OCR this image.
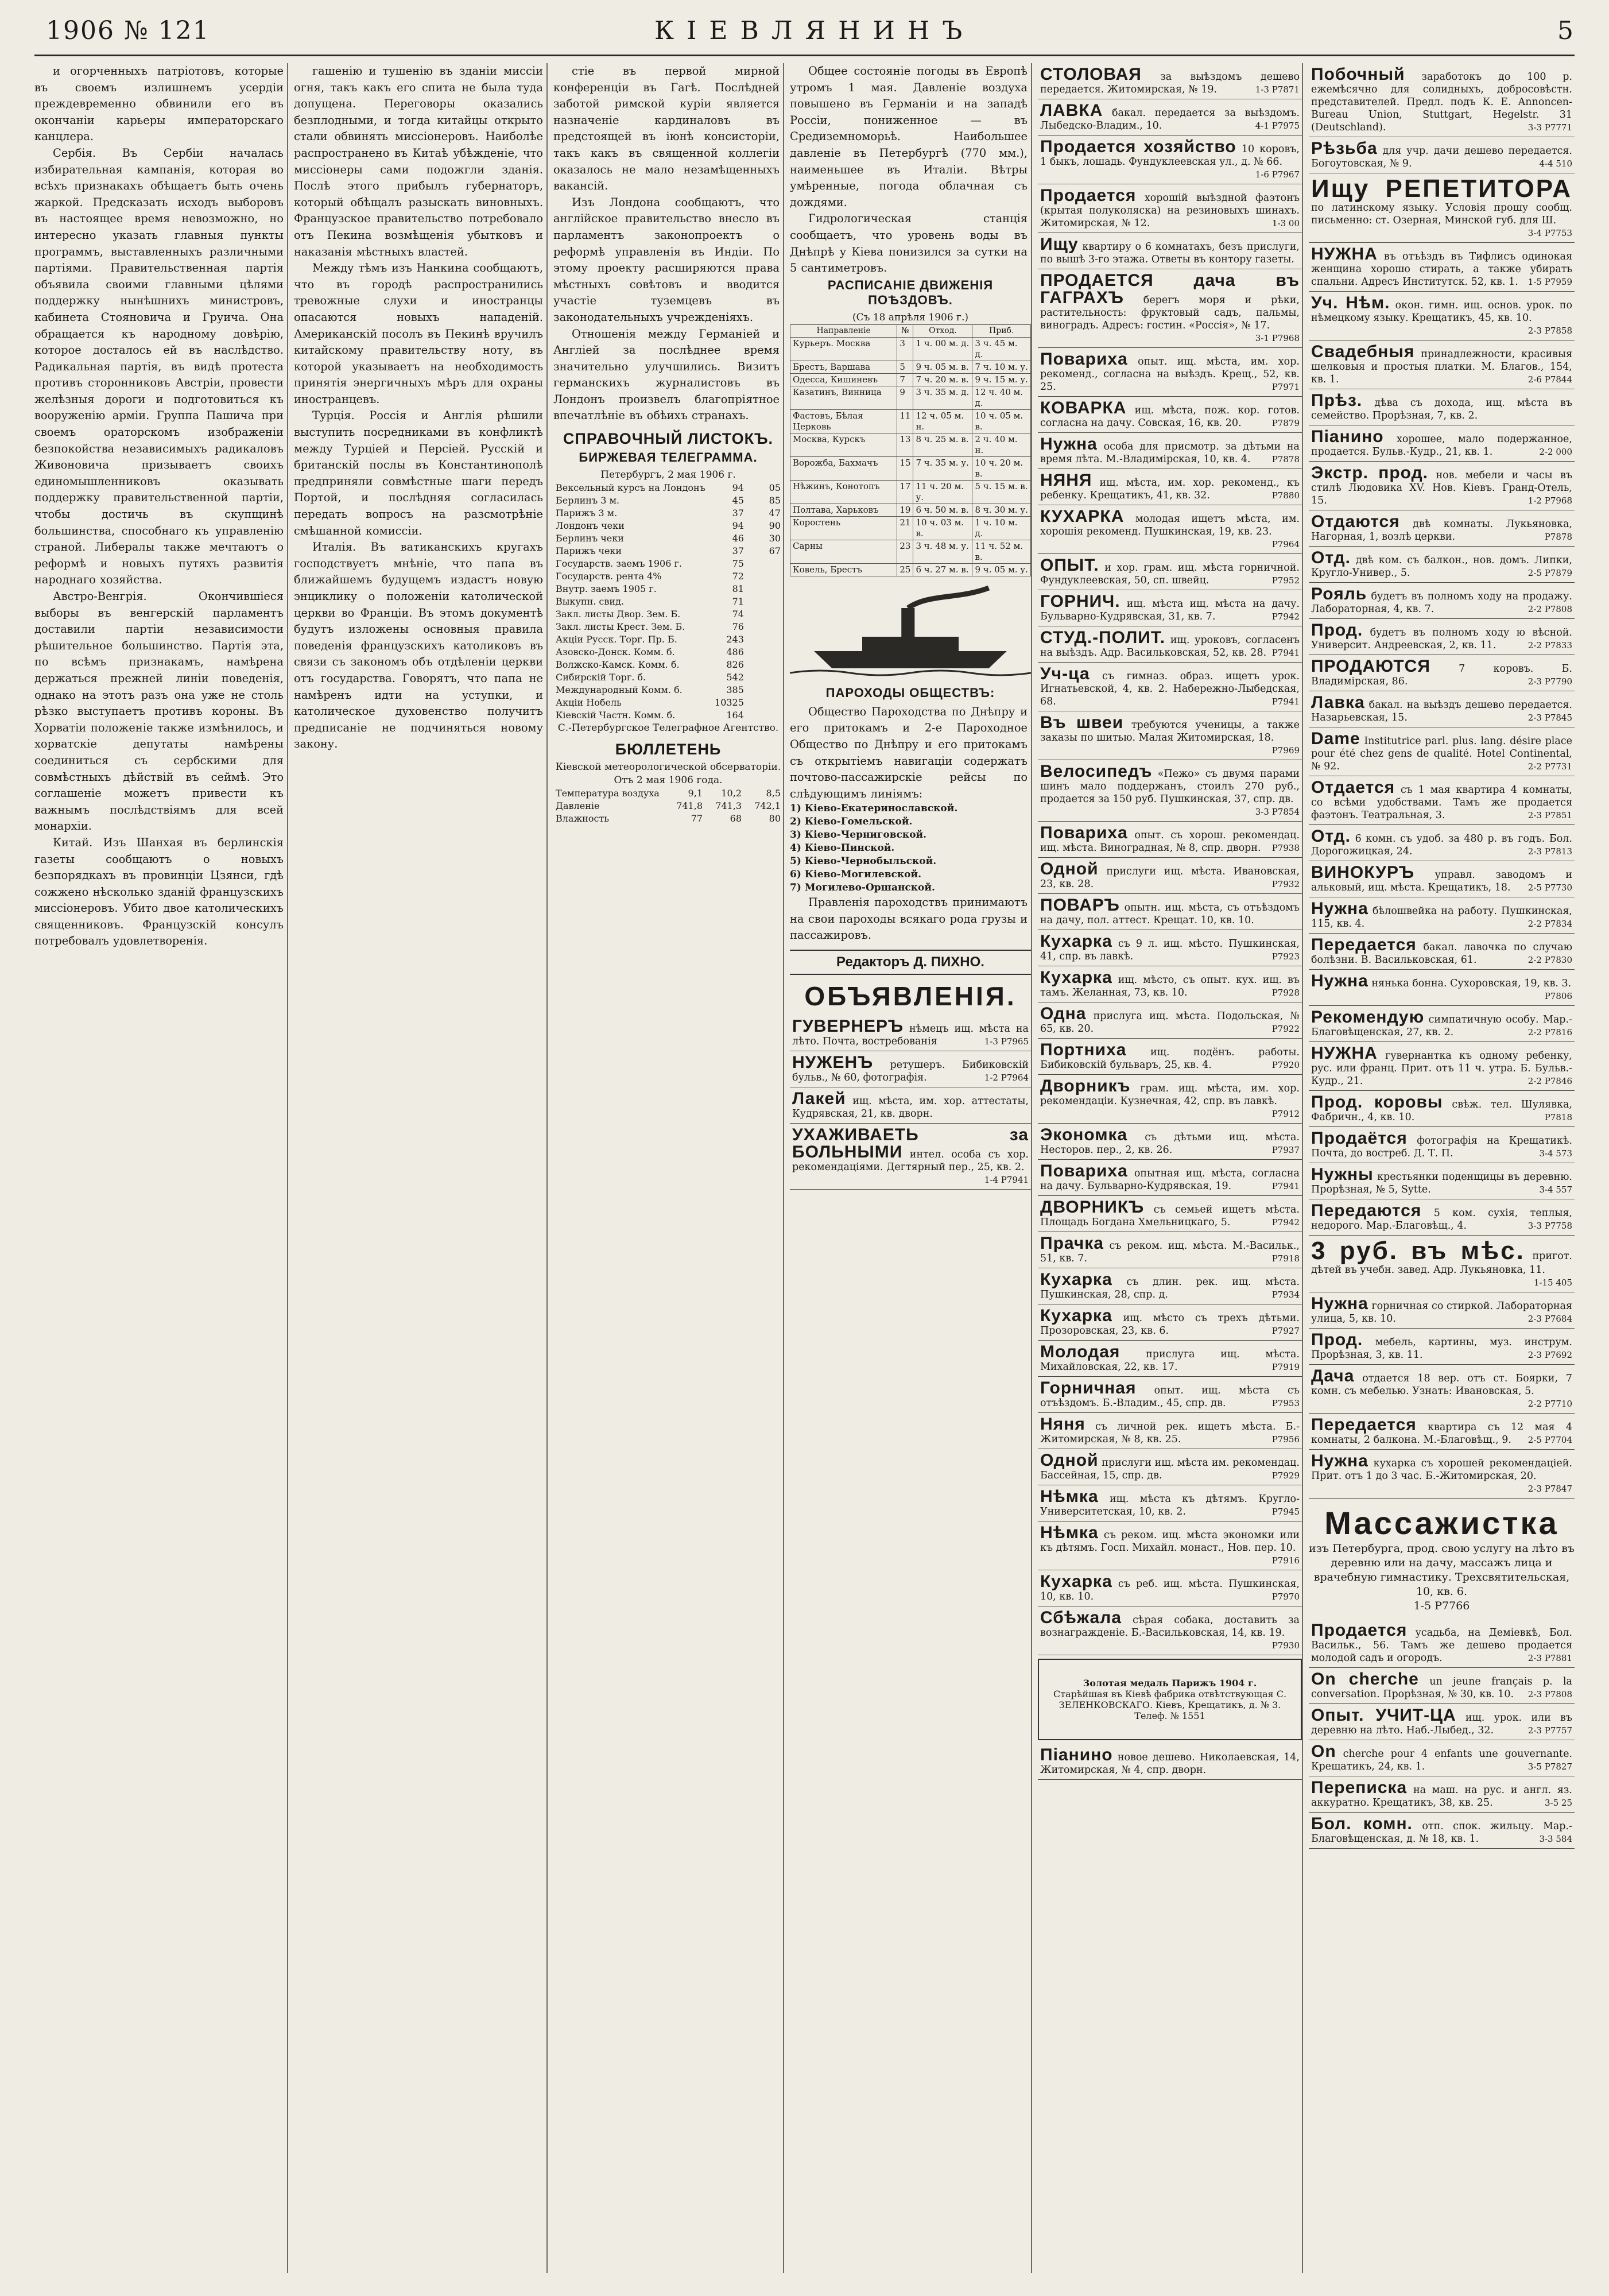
1906 № 121	КІЕВЛЯНИНЪ	5
и огорченныхъ патріотовъ, которые въ своемъ излишнемъ усердіи преждевременно обвинили его въ окончаніи карьеры императорскаго канцлера.
Сербія. Въ Сербіи началась избирательная кампанія, которая во всѣхъ признакахъ обѣщаетъ быть очень жаркой. Предсказать исходъ выборовъ въ настоящее время невозможно, но интересно указать главныя пункты программъ, выставленныхъ различными партіями. Правительственная партія объявила своими главными цѣлями поддержку нынѣшнихъ министровъ, кабинета Стояновича и Груича. Она обращается къ народному довѣрію, которое досталось ей въ наслѣдство. Радикальная партія, въ видѣ протеста противъ сторонниковъ Австріи, провести желѣзныя дороги и подготовиться къ вооруженію арміи. Группа Пашича при своемъ ораторскомъ изображеніи безпокойства независимыхъ радикаловъ Живоновича призываетъ своихъ единомышленниковъ оказывать поддержку правительственной партіи, чтобы достичь въ скупщинѣ большинства, способнаго къ управленію страной. Либералы также мечтаютъ о реформѣ и новыхъ путяхъ развитія народнаго хозяйства.
Австро-Венгрія. Окончившіеся выборы въ венгерскій парламентъ доставили партіи независимости рѣшительное большинство. Партія эта, по всѣмъ признакамъ, намѣрена держаться прежней линіи поведенія, однако на этотъ разъ она уже не столь рѣзко выступаетъ противъ короны. Въ Хорватіи положеніе также измѣнилось, и хорватскіе депутаты намѣрены соединиться съ сербскими для совмѣстныхъ дѣйствій въ сеймѣ. Это соглашеніе можетъ привести къ важнымъ послѣдствіямъ для всей монархіи.
Китай. Изъ Шанхая въ берлинскія газеты сообщаютъ о новыхъ безпорядкахъ въ провинціи Цзянси, гдѣ сожжено нѣсколько зданій французскихъ миссіонеровъ. Убито двое католическихъ священниковъ. Французскій консулъ потребовалъ удовлетворенія.
гашенію и тушенію въ зданіи миссіи огня, такъ какъ его спита не была туда допущена. Переговоры оказались безплодными, и тогда китайцы открыто стали обвинять миссіонеровъ. Наиболѣе распространено въ Китаѣ убѣжденіе, что миссіонеры сами подожгли зданія. Послѣ этого прибылъ губернаторъ, который обѣщалъ разыскать виновныхъ. Французское правительство потребовало отъ Пекина возмѣщенія убытковъ и наказанія мѣстныхъ властей.
Между тѣмъ изъ Нанкина сообщаютъ, что въ городѣ распространились тревожные слухи и иностранцы опасаются новыхъ нападеній. Американскій посолъ въ Пекинѣ вручилъ китайскому правительству ноту, въ которой указываетъ на необходимость принятія энергичныхъ мѣръ для охраны иностранцевъ.
Турція. Россія и Англія рѣшили выступить посредниками въ конфликтѣ между Турціей и Персіей. Русскій и британскій послы въ Константинополѣ предприняли совмѣстные шаги передъ Портой, и послѣдняя согласилась передать вопросъ на разсмотрѣніе смѣшанной комиссіи.
Италія. Въ ватиканскихъ кругахъ господствуетъ мнѣніе, что папа въ ближайшемъ будущемъ издастъ новую энциклику о положеніи католической церкви во Франціи. Въ этомъ документѣ будутъ изложены основныя правила поведенія французскихъ католиковъ въ связи съ закономъ объ отдѣленіи церкви отъ государства. Говорятъ, что папа не намѣренъ идти на уступки, и католическое духовенство получитъ предписаніе не подчиняться новому закону.
стіе въ первой мирной конференціи въ Гагѣ. Послѣдней заботой римской куріи является назначеніе кардиналовъ въ предстоящей въ іюнѣ консисторіи, такъ какъ въ священной коллегіи оказалось не мало незамѣщенныхъ вакансій.
Изъ Лондона сообщаютъ, что англійское правительство внесло въ парламентъ законопроектъ о реформѣ управленія въ Индіи. По этому проекту расширяются права мѣстныхъ совѣтовъ и вводится участіе туземцевъ въ законодательныхъ учрежденіяхъ.
Отношенія между Германіей и Англіей за послѣднее время значительно улучшились. Визитъ германскихъ журналистовъ въ Лондонъ произвелъ благопріятное впечатлѣніе въ обѣихъ странахъ.
СПРАВОЧНЫЙ ЛИСТОКЪ.
БИРЖЕВАЯ ТЕЛЕГРАММА.
Петербургъ, 2 мая 1906 г.
Вексельный курсъ на Лондонъ	94	05
Берлинъ 3 м.	45	85
Парижъ 3 м.	37	47
Лондонъ чеки	94	90
Берлинъ чеки	46	30
Парижъ чеки	37	67
Государств. заемъ 1906 г.	75	
Государств. рента 4%	72	
Внутр. заемъ 1905 г.	81	
Выкупн. свид.	71	
Закл. листы Двор. Зем. Б.	74	
Закл. листы Крест. Зем. Б.	76	
Акціи Русск. Торг. Пр. Б.	243	
Азовско-Донск. Комм. б.	486	
Волжско-Камск. Комм. б.	826	
Сибирскій Торг. б.	542	
Международный Комм. б.	385	
Акціи Нобель	10325	
Кіевскій Частн. Комм. б.	164	
С.-Петербургское Телеграфное Агентство.
БЮЛЛЕТЕНЬ
Кіевской метеорологической обсерваторіи.
Отъ 2 мая 1906 года.
Температура воздуха	9,1	10,2	8,5
Давленіе	741,8	741,3	742,1
Влажность	77	68	80
Общее состояніе погоды въ Европѣ утромъ 1 мая. Давленіе воздуха повышено въ Германіи и на западѣ Россіи, пониженное — въ Средиземноморьѣ. Наибольшее давленіе въ Петербургѣ (770 мм.), наименьшее въ Италіи. Вѣтры умѣренные, погода облачная съ дождями.
Гидрологическая станція сообщаетъ, что уровень воды въ Днѣпрѣ у Кіева понизился за сутки на 5 сантиметровъ.
РАСПИСАНІЕ ДВИЖЕНІЯ ПОѢЗДОВЪ.
(Съ 18 апрѣля 1906 г.)
Направленіе	№	Отход.	Приб.
Курьеръ. Москва	3	1 ч. 00 м. д.	3 ч. 45 м. д.
Брестъ, Варшава	5	9 ч. 05 м. в.	7 ч. 10 м. у.
Одесса, Кишиневъ	7	7 ч. 20 м. в.	9 ч. 15 м. у.
Казатинъ, Винница	9	3 ч. 35 м. д.	12 ч. 40 м. д.
Фастовъ, Бѣлая Церковь	11	12 ч. 05 м. н.	10 ч. 05 м. в.
Москва, Курскъ	13	8 ч. 25 м. в.	2 ч. 40 м. н.
Ворожба, Бахмачъ	15	7 ч. 35 м. у.	10 ч. 20 м. в.
Нѣжинъ, Конотопъ	17	11 ч. 20 м. у.	5 ч. 15 м. в.
Полтава, Харьковъ	19	6 ч. 50 м. в.	8 ч. 30 м. у.
Коростень	21	10 ч. 03 м. в.	1 ч. 10 м. д.
Сарны	23	3 ч. 48 м. у.	11 ч. 52 м. в.
Ковель, Брестъ	25	6 ч. 27 м. в.	9 ч. 05 м. у.
ПАРОХОДЫ ОБЩЕСТВЪ:
Общество Пароходства по Днѣпру и его притокамъ и 2-е Пароходное Общество по Днѣпру и его притокамъ съ открытіемъ навигаціи содержатъ почтово-пассажирскіе рейсы по слѣдующимъ линіямъ:
1) Кіево-Екатеринославской.
2) Кіево-Гомельской.
3) Кіево-Черниговской.
4) Кіево-Пинской.
5) Кіево-Чернобыльской.
6) Кіево-Могилевской.
7) Могилево-Оршанской.
Правленія пароходствъ принимаютъ на свои пароходы всякаго рода грузы и пассажировъ.
Редакторъ Д. ПИХНО.
ОБЪЯВЛЕНІЯ.
ГУВЕРНЕРЪ нѣмецъ ищ. мѣста на лѣто. Почта, востребованія	1-3 Р7965
НУЖЕНЪ ретушеръ. Бибиковскій бульв., № 60, фотографія.	1-2 Р7964
Лакей ищ. мѣста, им. хор. аттестаты, Кудрявская, 21, кв. дворн.
УХАЖИВАЕТЬ за БОЛЬНЫМИ интел. особа съ хор. рекомендаціями. Дегтярный пер., 25, кв. 2.
1-4 Р7941
СТОЛОВАЯ за выѣздомъ дешево передается. Житомирская, № 19.	1-3 Р7871
ЛАВКА бакал. передается за выѣздомъ. Лыбедско-Владим., 10.	4-1 Р7975
Продается хозяйство 10 коровъ, 1 быкъ, лошадь. Фундуклеевская ул., д. № 66.
1-6 Р7967
Продается хорошій выѣздной фаэтонъ (крытая полуколяска) на резиновыхъ шинахъ. Житомирская, № 12.	1-3 00
Ищу квартиру о 6 комнатахъ, безъ прислуги, по вышѣ 3-го этажа. Ответы въ контору газеты.
ПРОДАЕТСЯ дача въ ГАГРАХЪ берегъ моря и рѣки, растительность: фруктовый садъ, пальмы, виноградъ. Адресъ: гостин. «Россія», № 17.
3-1 Р7968
Повариха опыт. ищ. мѣста, им. хор. рекоменд., согласна на выѣздъ. Крещ., 52, кв. 25.	Р7971
КОВАРКА ищ. мѣста, пож. кор. готов. согласна на дачу. Совская, 16, кв. 20.	Р7879
Нужна особа для присмотр. за дѣтьми на время лѣта. М.-Владимірская, 10, кв. 4. Р7878
НЯНЯ ищ. мѣста, им. хор. рекоменд., къ ребенку. Крещатикъ, 41, кв. 32.	Р7880
КУХАРКА молодая ищетъ мѣста, им. хорошія рекоменд. Пушкинская, 19, кв. 23.
Р7964
ОПЫТ. и хор. грам. ищ. мѣста горничной. Фундуклеевская, 50, сп. швейц.	Р7952
ГОРНИЧ. ищ. мѣста ищ. мѣста на дачу. Бульварно-Кудрявская, 31, кв. 7.	Р7942
СТУД.-ПОЛИТ. ищ. уроковъ, согласенъ на выѣздъ. Адр. Васильковская, 52, кв. 28. Р7941
Уч-ца съ гимназ. образ. ищетъ урок. Игнатьевской, 4, кв. 2. Набережно-Лыбедская, 68.	Р7941
Въ швеи требуются ученицы, а также заказы по шитью. Малая Житомирская, 18.
Р7969
Велосипедъ «Пежо» съ двумя парами шинъ мало поддержанъ, стоилъ 270 руб., продается за 150 руб. Пушкинская, 37, спр. дв.
3-3 Р7854
Повариха опыт. съ хорош. рекомендац. ищ. мѣста. Виноградная, № 8, спр. дворн. Р7938
Одной прислуги ищ. мѣста. Ивановская, 23, кв. 28.	Р7932
ПОВАРЪ опытн. ищ. мѣста, съ отъѣздомъ на дачу, пол. аттест. Крещат. 10, кв. 10.
Кухарка съ 9 л. ищ. мѣсто. Пушкинская, 41, спр. въ лавкѣ.	Р7923
Кухарка ищ. мѣсто, съ опыт. кух. ищ. въ тамъ. Желанная, 73, кв. 10.	Р7928
Одна прислуга ищ. мѣста. Подольская, № 65, кв. 20.	Р7922
Портниха ищ. подёнъ. работы. Бибиковскій бульваръ, 25, кв. 4.	Р7920
Дворникъ грам. ищ. мѣста, им. хор. рекомендаціи. Кузнечная, 42, спр. въ лавкѣ.
Р7912
Экономка съ дѣтьми ищ. мѣста. Несторов. пер., 2, кв. 26.	Р7937
Повариха опытная ищ. мѣста, согласна на дачу. Бульварно-Кудрявская, 19.	Р7941
ДВОРНИКЪ съ семьей ищетъ мѣста. Площадь Богдана Хмельницкаго, 5.	Р7942
Прачка съ реком. ищ. мѣста. М.-Васильк., 51, кв. 7.	Р7918
Кухарка съ длин. рек. ищ. мѣста. Пушкинская, 28, спр. д.	Р7934
Кухарка ищ. мѣсто съ трехъ дѣтьми. Прозоровская, 23, кв. 6.	Р7927
Молодая	прислуга ищ. мѣста. Михайловская, 22, кв. 17.	Р7919
Горничная опыт. ищ. мѣста съ отъѣздомъ. Б.-Владим., 45, спр. дв.	Р7953
Няня съ личной рек. ищетъ мѣста. Б.-Житомирская, № 8, кв. 25.	Р7956
Одной прислуги ищ. мѣста им. рекомендац. Бассейная, 15, спр. дв.	Р7929
Нѣмка ищ. мѣста къ дѣтямъ. Кругло-Университетская, 10, кв. 2.	Р7945
Нѣмка съ реком. ищ. мѣста экономки или къ дѣтямъ. Госп. Михайл. монаст., Нов. пер. 10.
Р7916
Кухарка съ реб. ищ. мѣста. Пушкинская, 10, кв. 10.	Р7970
Сбѣжала сѣрая собака, доставить за вознагражденіе. Б.-Васильковская, 14, кв. 19.
Р7930
Золотая медаль Парижъ 1904 г.
Старѣйшая въ Кіевѣ фабрика отвѣтствующая С. ЗЕЛЕНКОВСКАГО. Кіевъ, Крещатикъ, д. № 3.
Телеф. № 1551
Піанино новое дешево. Николаевская, 14, Житомирская, № 4, спр. дворн.
Побочный заработокъ до 100 р. ежемѣсячно для солидныхъ, добросовѣстн. представителей. Предл. подъ К. Е. Annoncen-Bureau Union, Stuttgart, Hegelstr. 31 (Deutschland).	3-3 Р7771
Рѣзьба для учр. дачи дешево передается. Богоутовская, № 9.	4-4 510
Ищу РЕПЕТИТОРА по латинскому языку. Условія прошу сообщ. письменно: ст. Озерная, Минской губ. для Ш.
3-4 Р7753
НУЖНА въ отъѣздъ въ Тифлисъ одинокая женщина хорошо стирать, а также убирать спальни. Адресъ Институтск. 52, кв. 1. 1-5 Р7959
Уч. Нѣм. окон. гимн. ищ. основ. урок. по нѣмецкому языку. Крещатикъ, 45, кв. 10.
2-3 Р7858
Свадебныя принадлежности, красивыя шелковыя и простыя платки. М. Благов., 154, кв. 1.	2-6 Р7844
Прѣз. дѣва съ дохода, ищ. мѣста въ семейство. Прорѣзная, 7, кв. 2.
Піанино хорошее, мало подержанное, продается. Бульв.-Кудр., 21, кв. 1.	2-2 000
Экстр. прод. нов. мебели и часы въ стилѣ Людовика XV. Нов. Кіевъ. Гранд-Отель, 15.	1-2 Р7968
Отдаются двѣ комнаты. Лукьяновка, Нагорная, 1, возлѣ церкви.	Р7878
Отд. двѣ ком. съ балкон., нов. домъ. Липки, Кругло-Универ., 5.	2-5 Р7879
Рояль будетъ въ полномъ ходу на продажу. Лабораторная, 4, кв. 7.	2-2 Р7808
Прод. будетъ въ полномъ ходу ю вѣсной. Университ. Андреевская, 2, кв. 11.	2-2 Р7833
ПРОДАЮТСЯ	7 коровъ. Б. Владимірская, 86.	2-3 Р7790
Лавка бакал. на выѣздъ дешево передается. Назарьевская, 15.	2-3 Р7845
Dame Institutrice parl. plus. lang. désire place pour été chez gens de qualité. Hotel Continental, № 92.	2-2 Р7731
Отдается съ 1 мая квартира 4 комнаты, со всѣми удобствами. Тамъ же продается фаэтонъ. Театральная, 3.	2-3 Р7851
Отд. 6 комн. съ удоб. за 480 р. въ годъ. Бол. Дорогожицкая, 24.	2-3 Р7813
ВИНОКУРЪ управл. заводомъ и альковый, ищ. мѣста. Крещатикъ, 18. 2-5 Р7730
Нужна бѣлошвейка на работу. Пушкинская, 115, кв. 4.	2-2 Р7834
Передается бакал. лавочка по случаю болѣзни. В. Васильковская, 61.	2-2 Р7830
Нужна нянька бонна. Сухоровская, 19, кв. 3.
Р7806
Рекомендую симпатичную особу. Мар.-Благовѣщенская, 27, кв. 2.	2-2 Р7816
НУЖНА гувернантка къ одному ребенку, рус. или франц. Прит. отъ 11 ч. утра. Б. Бульв.-Кудр., 21.	2-2 Р7846
Прод. коровы свѣж. тел. Шулявка, Фабричн., 4, кв. 10.	Р7818
Продаётся фотографія на Крещатикѣ. Почта, до востреб. Д. Т. П.	3-4 573
Нужны крестьянки поденщицы въ деревню. Прорѣзная, № 5, Sytte.	3-4 557
Передаются 5 ком. сухія, теплыя, недорого. Мар.-Благовѣщ., 4.	3-3 Р7758
3 руб. въ мѣс. пригот. дѣтей въ учебн. завед. Адр. Лукьяновка, 11.
1-15 405
Нужна горничная со стиркой. Лабораторная улица, 5, кв. 10.	2-3 Р7684
Прод. мебель, картины, муз. инструм. Прорѣзная, 3, кв. 11.	2-3 Р7692
Дача отдается 18 вер. отъ ст. Боярки, 7 комн. съ мебелью. Узнать: Ивановская, 5.
2-2 Р7710
Передается квартира съ 12 мая 4 комнаты, 2 балкона. М.-Благовѣщ., 9. 2-5 Р7704
Нужна кухарка съ хорошей рекомендаціей. Прит. отъ 1 до 3 час. Б.-Житомирская, 20.
2-3 Р7847
Массажистка
изъ Петербурга, прод. свою услугу на лѣто въ деревню или на дачу, массажъ лица и врачебную гимнастику. Трехсвятительская, 10, кв. 6.
1-5 Р7766
Продается усадьба, на Деміевкѣ, Бол. Васильк., 56. Тамъ же дешево продается молодой садъ и огородъ.	2-3 Р7881
On cherche un jeune français p. la conversation. Прорѣзная, № 30, кв. 10. 2-3 Р7808
Опыт. УЧИТ-ЦА ищ. урок. или въ деревню на лѣто. Наб.-Лыбед., 32.	2-3 Р7757
On cherche pour 4 enfants une gouvernante. Крещатикъ, 24, кв. 1.	3-5 Р7827
Переписка на маш. на рус. и англ. яз. аккуратно. Крещатикъ, 38, кв. 25.	3-5 25
Бол. комн. отп. спок. жильцу. Мар.-Благовѣщенская, д. № 18, кв. 1.	3-3 584
